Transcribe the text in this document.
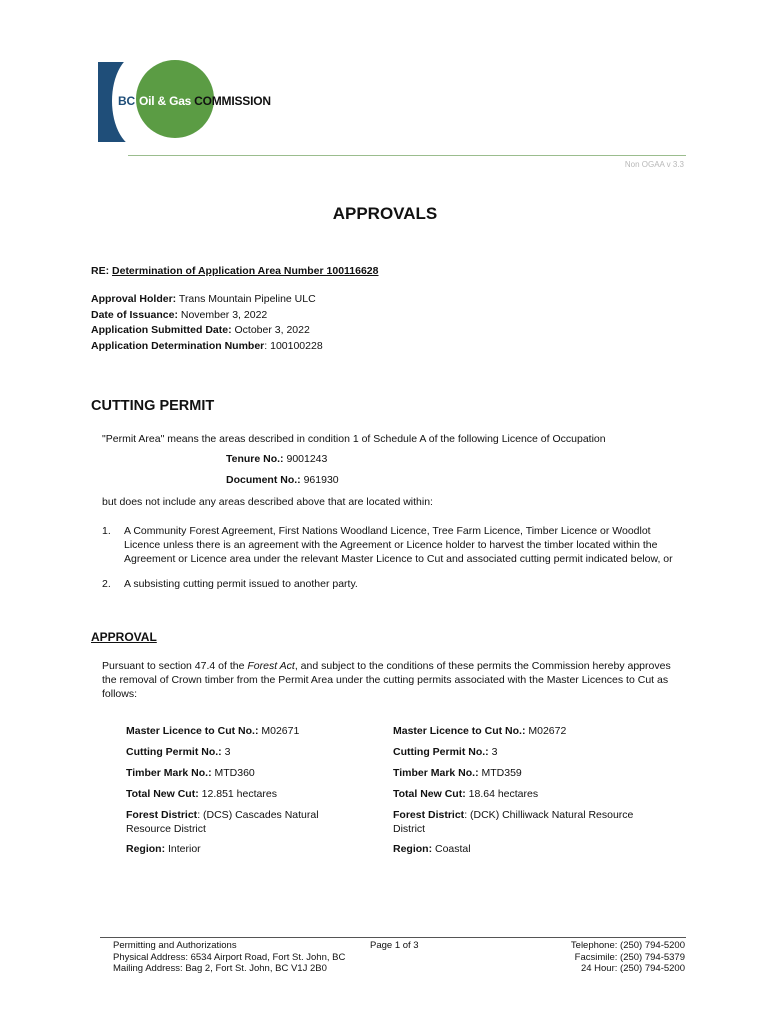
BC Oil & Gas COMMISSION
Non OGAA v 3.3
APPROVALS
RE: Determination of Application Area Number 100116628
Approval Holder: Trans Mountain Pipeline ULC
Date of Issuance: November 3, 2022
Application Submitted Date: October 3, 2022
Application Determination Number: 100100228
CUTTING PERMIT
"Permit Area" means the areas described in condition 1 of Schedule A of the following Licence of Occupation
Tenure No.: 9001243
Document No.: 961930
but does not include any areas described above that are located within:
1. A Community Forest Agreement, First Nations Woodland Licence, Tree Farm Licence, Timber Licence or Woodlot Licence unless there is an agreement with the Agreement or Licence holder to harvest the timber located within the Agreement or Licence area under the relevant Master Licence to Cut and associated cutting permit indicated below, or
2. A subsisting cutting permit issued to another party.
APPROVAL
Pursuant to section 47.4 of the Forest Act, and subject to the conditions of these permits the Commission hereby approves the removal of Crown timber from the Permit Area under the cutting permits associated with the Master Licences to Cut as follows:
Master Licence to Cut No.: M02671
Cutting Permit No.: 3
Timber Mark No.: MTD360
Total New Cut: 12.851 hectares
Forest District: (DCS) Cascades Natural Resource District
Region: Interior
Master Licence to Cut No.: M02672
Cutting Permit No.: 3
Timber Mark No.: MTD359
Total New Cut: 18.64 hectares
Forest District: (DCK) Chilliwack Natural Resource District
Region: Coastal
Permitting and Authorizations
Physical Address: 6534 Airport Road, Fort St. John, BC
Mailing Address: Bag 2, Fort St. John, BC V1J 2B0
Page 1 of 3	Telephone: (250) 794-5200
Facsimile: (250) 794-5379
24 Hour: (250) 794-5200
